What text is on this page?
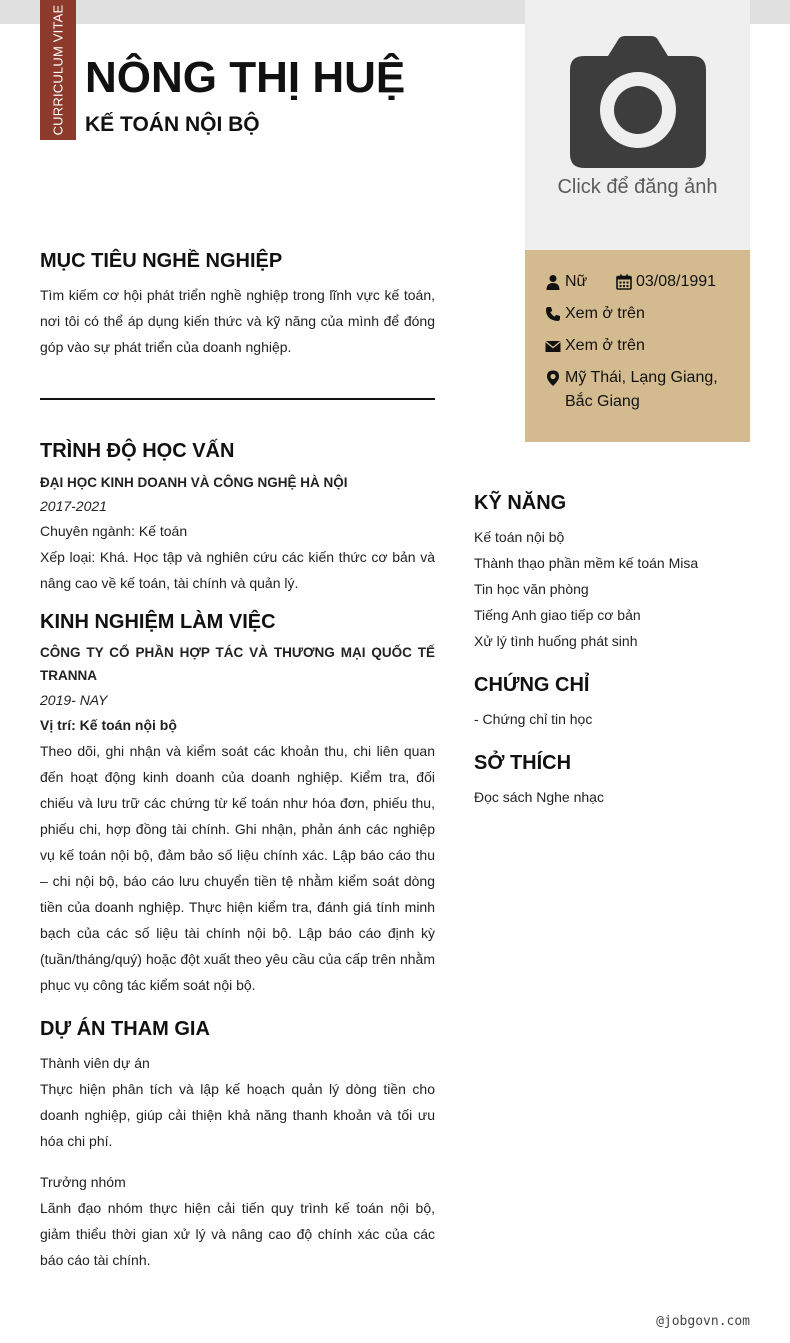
CURRICULUM VITAE NÔNG THỊ HUỆ
KẾ TOÁN NỘI BỘ
Click để đăng ảnh
Nữ	03/08/1991
Xem ở trên
Xem ở trên
Mỹ Thái, Lạng Giang, Bắc Giang
MỤC TIÊU NGHỀ NGHIỆP
Tìm kiếm cơ hội phát triển nghề nghiệp trong lĩnh vực kế toán, nơi tôi có thể áp dụng kiến thức và kỹ năng của mình để đóng góp vào sự phát triển của doanh nghiệp.
TRÌNH ĐỘ HỌC VẤN
ĐẠI HỌC KINH DOANH VÀ CÔNG NGHỆ HÀ NỘI
2017-2021
Chuyên ngành: Kế toán
Xếp loại: Khá. Học tập và nghiên cứu các kiến thức cơ bản và nâng cao về kế toán, tài chính và quản lý.
KINH NGHIỆM LÀM VIỆC
CÔNG TY CỔ PHẦN HỢP TÁC VÀ THƯƠNG MẠI QUỐC TẾ TRANNA
2019- NAY
Vị trí: Kế toán nội bộ
Theo dõi, ghi nhận và kiểm soát các khoản thu, chi liên quan đến hoạt động kinh doanh của doanh nghiệp. Kiểm tra, đối chiếu và lưu trữ các chứng từ kế toán như hóa đơn, phiếu thu, phiếu chi, hợp đồng tài chính. Ghi nhận, phản ánh các nghiệp vụ kế toán nội bộ, đảm bảo số liệu chính xác. Lập báo cáo thu – chi nội bộ, báo cáo lưu chuyển tiền tệ nhằm kiểm soát dòng tiền của doanh nghiệp. Thực hiện kiểm tra, đánh giá tính minh bạch của các số liệu tài chính nội bộ. Lập báo cáo định kỳ (tuần/tháng/quý) hoặc đột xuất theo yêu cầu của cấp trên nhằm phục vụ công tác kiểm soát nội bộ.
DỰ ÁN THAM GIA
Thành viên dự án
Thực hiện phân tích và lập kế hoạch quản lý dòng tiền cho doanh nghiệp, giúp cải thiện khả năng thanh khoản và tối ưu hóa chi phí.
Trưởng nhóm
Lãnh đạo nhóm thực hiện cải tiến quy trình kế toán nội bộ, giảm thiểu thời gian xử lý và nâng cao độ chính xác của các báo cáo tài chính.
KỸ NĂNG
Kế toán nội bộ
Thành thạo phần mềm kế toán Misa
Tin học văn phòng
Tiếng Anh giao tiếp cơ bản
Xử lý tình huống phát sinh
CHỨNG CHỈ
- Chứng chỉ tin học
SỞ THÍCH
Đọc sách Nghe nhạc
@jobgovn.com
